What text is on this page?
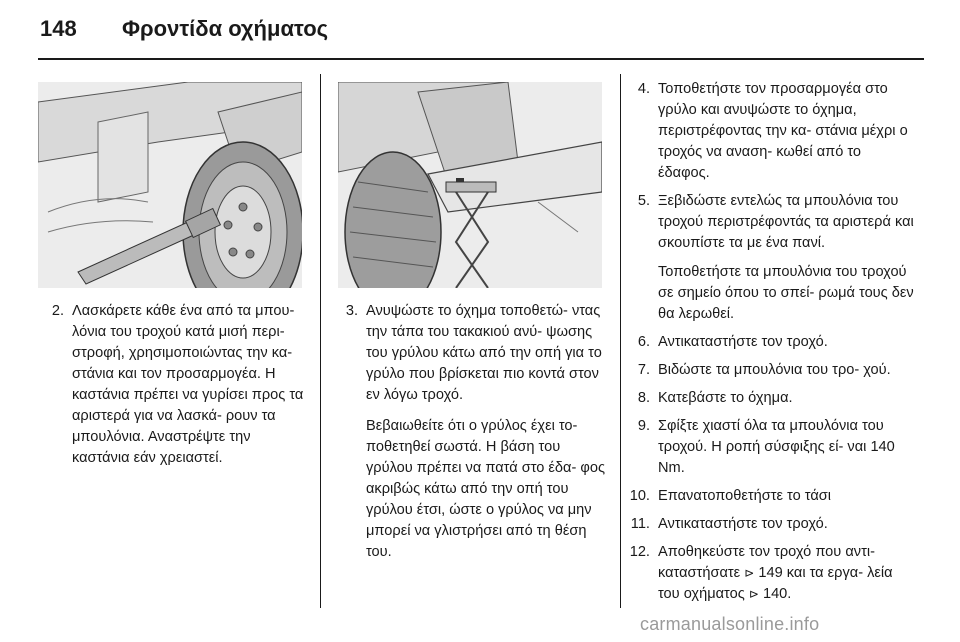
148 Φροντίδα οχήματος
2. Λασκάρετε κάθε ένα από τα μπου- λόνια του τροχού κατά μισή περι- στροφή, χρησιμοποιώντας την κα- στάνια και τον προσαρμογέα. Η καστάνια πρέπει να γυρίσει προς τα αριστερά για να λασκά- ρουν τα μπουλόνια. Αναστρέψτε την καστάνια εάν χρειαστεί.

3. Ανυψώστε το όχημα τοποθετώ- ντας την τάπα του τακακιού ανύ- ψωσης του γρύλου κάτω από την οπή για το γρύλο που βρίσκεται πιο κοντά στον εν λόγω τροχό.

Βεβαιωθείτε ότι ο γρύλος έχει το- ποθετηθεί σωστά. Η βάση του γρύλου πρέπει να πατά στο έδα- φος ακριβώς κάτω από την οπή του γρύλου έτσι, ώστε ο γρύλος να μην μπορεί να γλιστρήσει από τη θέση του.

4. Τοποθετήστε τον προσαρμογέα στο γρύλο και ανυψώστε το όχημα, περιστρέφοντας την κα- στάνια μέχρι ο τροχός να αναση- κωθεί από το έδαφος.

5. Ξεβιδώστε εντελώς τα μπουλόνια του τροχού περιστρέφοντάς τα αριστερά και σκουπίστε τα με ένα πανί.

Τοποθετήστε τα μπουλόνια του τροχού σε σημείο όπου το σπεί- ρωμά τους δεν θα λερωθεί.

6. Αντικαταστήστε τον τροχό.

7. Βιδώστε τα μπουλόνια του τρο- χού.

8. Κατεβάστε το όχημα.

9. Σφίξτε χιαστί όλα τα μπουλόνια του τροχού. Η ροπή σύσφιξης εί- ναι 140 Nm.

10. Επανατοποθετήστε το τάσι

11. Αντικαταστήστε τον τροχό.

12. Αποθηκεύστε τον τροχό που αντι- καταστήσατε ⊳ 149 και τα εργα- λεία του οχήματος ⊳ 140.

carmanualsonline.info
